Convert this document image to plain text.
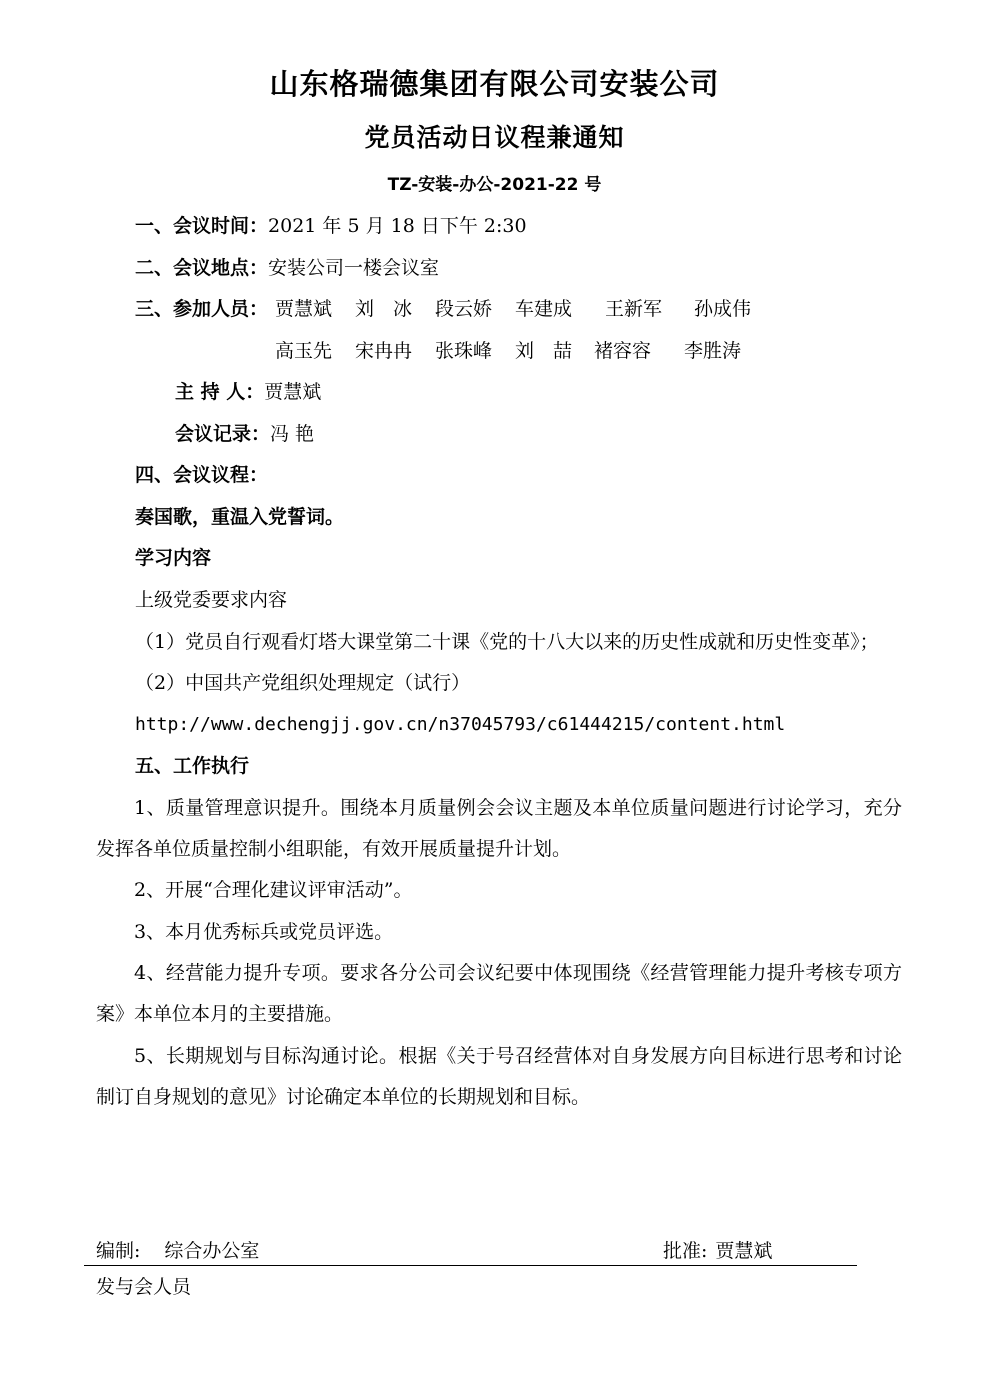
山东格瑞德集团有限公司安装公司
党员活动日议程兼通知
TZ-安装-办公-2021-22 号
一、会议时间：2021 年 5 月 18 日下午 2:30
二、会议地点：安装公司一楼会议室
三、参加人员： 贾慧斌 刘　冰 段云娇 车建成 王新军 孙成伟
高玉先 宋冉冉 张珠峰 刘　喆 褚容容 李胜涛
主 持 人：贾慧斌
会议记录：冯 艳
四、会议议程：
奏国歌，重温入党誓词。
学习内容
上级党委要求内容
（1）党员自行观看灯塔大课堂第二十课《党的十八大以来的历史性成就和历史性变革》；
（2）中国共产党组织处理规定（试行）
http://www.dechengjj.gov.cn/n37045793/c61444215/content.html
五、工作执行

1、质量管理意识提升。围绕本月质量例会会议主题及本单位质量问题进行讨论学习，充分发挥各单位质量控制小组职能，有效开展质量提升计划。

2、开展“合理化建议评审活动”。

3、本月优秀标兵或党员评选。

4、经营能力提升专项。要求各分公司会议纪要中体现围绕《经营管理能力提升考核专项方案》本单位本月的主要措施。

5、长期规划与目标沟通讨论。根据《关于号召经营体对自身发展方向目标进行思考和讨论制订自身规划的意见》讨论确定本单位的长期规划和目标。

编制: 综合办公室	批准: 贾慧斌
发与会人员
